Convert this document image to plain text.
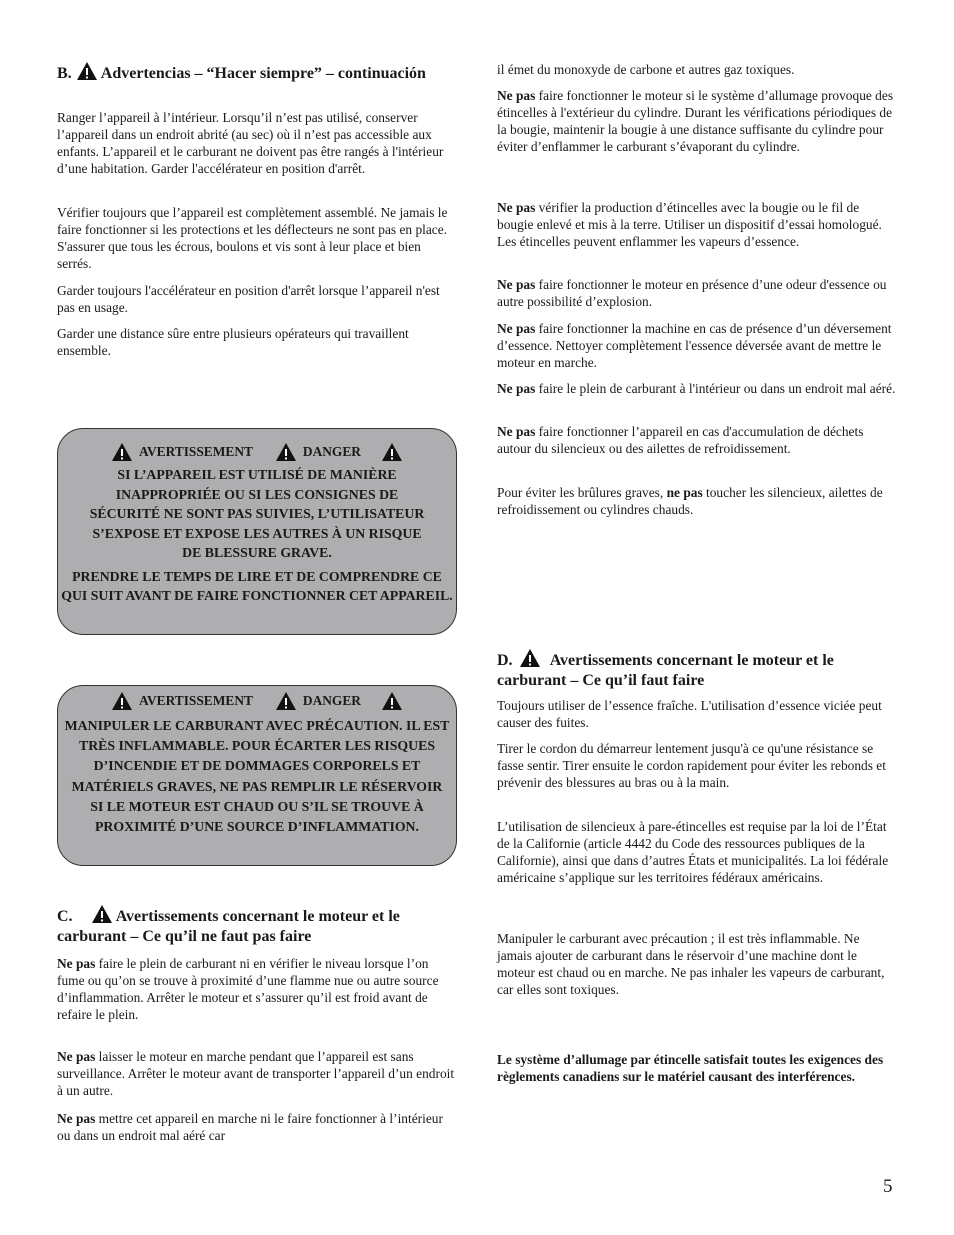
B. Advertencias – “Hacer siempre” – continuación

Ranger l’appareil à l’intérieur. Lorsqu’il n’est pas utilisé, conserver l’appareil dans un endroit abrité (au sec) où il n’est pas accessible aux enfants. L’appareil et le carburant ne doivent pas être rangés à l'intérieur d’une habitation. Garder l'accélérateur en position d'arrêt.

Vérifier toujours que l’appareil est complètement assemblé. Ne jamais le faire fonctionner si les protections et les déflecteurs ne sont pas en place. S'assurer que tous les écrous, boulons et vis sont à leur place et bien serrés.

Garder toujours l'accélérateur en position d'arrêt lorsque l’appareil n'est pas en usage.

Garder une distance sûre entre plusieurs opérateurs qui travaillent ensemble.

AVERTISSEMENT	DANGER
SI L’APPAREIL EST UTILISÉ DE MANIÈRE INAPPROPRIÉE OU SI LES CONSIGNES DE SÉCURITÉ NE SONT PAS SUIVIES, L’UTILISATEUR S’EXPOSE ET EXPOSE LES AUTRES À UN RISQUE DE BLESSURE GRAVE.
PRENDRE LE TEMPS DE LIRE ET DE COMPRENDRE CE QUI SUIT AVANT DE FAIRE FONCTIONNER CET APPAREIL.
AVERTISSEMENT	DANGER
MANIPULER LE CARBURANT AVEC PRÉCAUTION. IL EST TRÈS INFLAMMABLE. POUR ÉCARTER LES RISQUES D’INCENDIE ET DE DOMMAGES CORPORELS ET MATÉRIELS GRAVES, NE PAS REMPLIR LE RÉSERVOIR SI LE MOTEUR EST CHAUD OU S’IL SE TROUVE À PROXIMITÉ D’UNE SOURCE D’INFLAMMATION.
C.	Avertissements concernant le moteur et le carburant – Ce qu’il ne faut pas faire

Ne pas faire le plein de carburant ni en vérifier le niveau lorsque l’on fume ou qu’on se trouve à proximité d’une flamme nue ou autre source d’inflammation. Arrêter le moteur et s’assurer qu’il est froid avant de refaire le plein.

Ne pas laisser le moteur en marche pendant que l’appareil est sans surveillance. Arrêter le moteur avant de transporter l’appareil d’un endroit à un autre.

Ne pas mettre cet appareil en marche ni le faire fonctionner à l’intérieur ou dans un endroit mal aéré car

il émet du monoxyde de carbone et autres gaz toxiques.

Ne pas faire fonctionner le moteur si le système d’allumage provoque des étincelles à l'extérieur du cylindre. Durant les vérifications périodiques de la bougie, maintenir la bougie à une distance suffisante du cylindre pour éviter d’enflammer le carburant s’évaporant du cylindre.

Ne pas vérifier la production d’étincelles avec la bougie ou le fil de bougie enlevé et mis à la terre. Utiliser un dispositif d’essai homologué. Les étincelles peuvent enflammer les vapeurs d’essence.

Ne pas faire fonctionner le moteur en présence d’une odeur d'essence ou autre possibilité d’explosion.

Ne pas faire fonctionner la machine en cas de présence d’un déversement d’essence. Nettoyer complètement l'essence déversée avant de mettre le moteur en marche.

Ne pas faire le plein de carburant à l'intérieur ou dans un endroit mal aéré.

Ne pas faire fonctionner l’appareil en cas d'accumulation de déchets autour du silencieux ou des ailettes de refroidissement.

Pour éviter les brûlures graves, ne pas toucher les silencieux, ailettes de refroidissement ou cylindres chauds.

D. Avertissements concernant le moteur et le carburant – Ce qu’il faut faire

Toujours utiliser de l’essence fraîche. L'utilisation d’essence viciée peut causer des fuites.

Tirer le cordon du démarreur lentement jusqu'à ce qu'une résistance se fasse sentir. Tirer ensuite le cordon rapidement pour éviter les rebonds et prévenir des blessures au bras ou à la main.

L’utilisation de silencieux à pare-étincelles est requise par la loi de l’État de la Californie (article 4442 du Code des ressources publiques de la Californie), ainsi que dans d’autres États et municipalités. La loi fédérale américaine s’applique sur les territoires fédéraux américains.

Manipuler le carburant avec précaution ; il est très inflammable. Ne jamais ajouter de carburant dans le réservoir d’une machine dont le moteur est chaud ou en marche. Ne pas inhaler les vapeurs de carburant, car elles sont toxiques.

Le système d’allumage par étincelle satisfait toutes les exigences des règlements canadiens sur le matériel causant des interférences.

5
